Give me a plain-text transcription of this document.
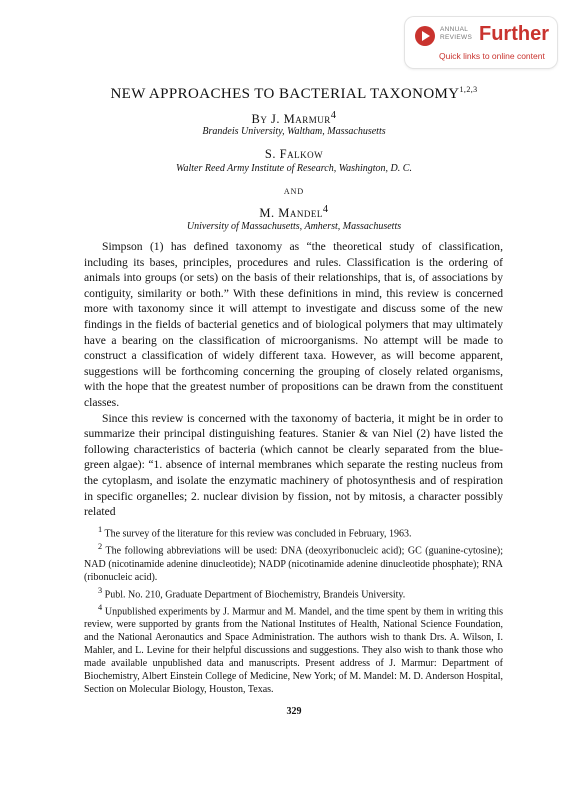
ANNUAL REVIEWS Further
Quick links to online content
NEW APPROACHES TO BACTERIAL TAXONOMY$^{1,2,3}$
By J. Marmur$^4$
Brandeis University, Waltham, Massachusetts
S. Falkow
Walter Reed Army Institute of Research, Washington, D. C.
AND
M. Mandel$^4$
University of Massachusetts, Amherst, Massachusetts

Simpson (1) has defined taxonomy as “the theoretical study of classification, including its bases, principles, procedures and rules. Classification is the ordering of animals into groups (or sets) on the basis of their relationships, that is, of associations by contiguity, similarity or both.” With these definitions in mind, this review is concerned more with taxonomy since it will attempt to investigate and discuss some of the new findings in the fields of bacterial genetics and of biological polymers that may ultimately have a bearing on the classification of microorganisms. No attempt will be made to construct a classification of widely different taxa. However, as will become apparent, suggestions will be forthcoming concerning the grouping of closely related organisms, with the hope that the greatest number of propositions can be drawn from the constituent classes.

Since this review is concerned with the taxonomy of bacteria, it might be in order to summarize their principal distinguishing features. Stanier & van Niel (2) have listed the following characteristics of bacteria (which cannot be clearly separated from the blue-green algae): “1. absence of internal membranes which separate the resting nucleus from the cytoplasm, and isolate the enzymatic machinery of photosynthesis and of respiration in specific organelles; 2. nuclear division by fission, not by mitosis, a character possibly related

$^1$ The survey of the literature for this review was concluded in February, 1963.

$^2$ The following abbreviations will be used: DNA (deoxyribonucleic acid); GC (guanine-cytosine); NAD (nicotinamide adenine dinucleotide); NADP (nicotinamide adenine dinucleotide phosphate); RNA (ribonucleic acid).

$^3$ Publ. No. 210, Graduate Department of Biochemistry, Brandeis University.

$^4$ Unpublished experiments by J. Marmur and M. Mandel, and the time spent by them in writing this review, were supported by grants from the National Institutes of Health, National Science Foundation, and the National Aeronautics and Space Administration. The authors wish to thank Drs. A. Wilson, I. Mahler, and L. Levine for their helpful discussions and suggestions. They also wish to thank those who made available unpublished data and manuscripts. Present address of J. Marmur: Department of Biochemistry, Albert Einstein College of Medicine, New York; of M. Mandel: M. D. Anderson Hospital, Section on Molecular Biology, Houston, Texas.

329
